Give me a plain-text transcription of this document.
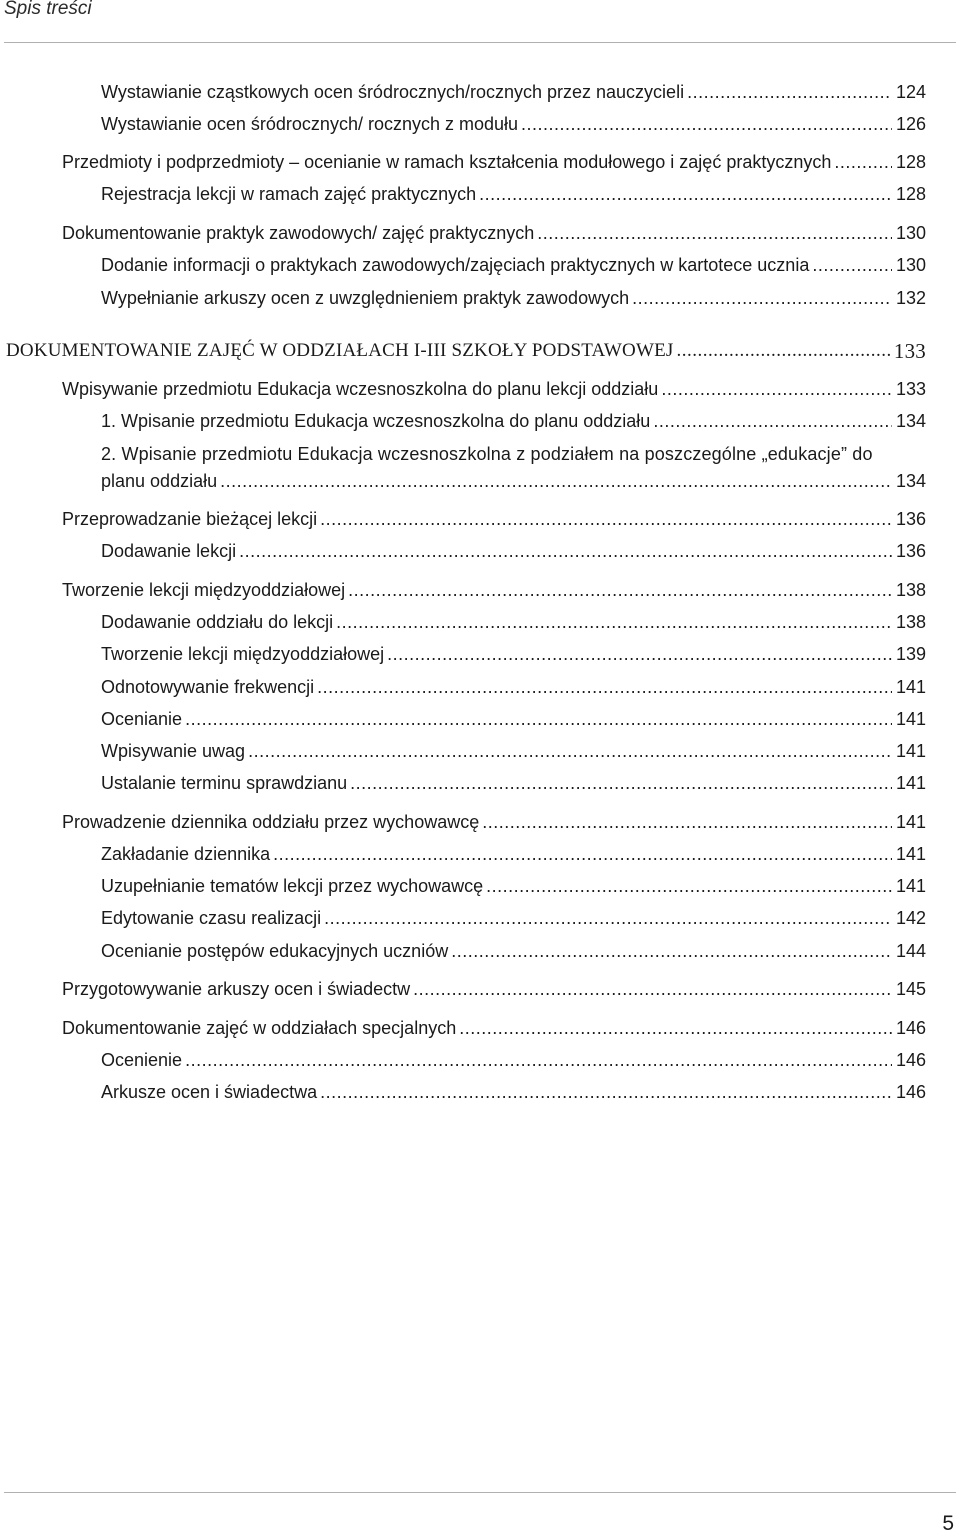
Spis treści
Wystawianie cząstkowych ocen śródrocznych/rocznych przez nauczycieli	124
.....
Wystawianie ocen śródrocznych/ rocznych z modułu	126
.....
Przedmioty i podprzedmioty – ocenianie w ramach kształcenia modułowego i zajęć praktycznych	128
.....
Rejestracja lekcji w ramach zajęć praktycznych	128
.....
Dokumentowanie praktyk zawodowych/ zajęć praktycznych	130
.....
Dodanie informacji o praktykach zawodowych/zajęciach praktycznych w kartotece ucznia	130
.....
Wypełnianie arkuszy ocen z uwzględnieniem praktyk zawodowych	132
.....
DOKUMENTOWANIE ZAJĘĆ W ODDZIAŁACH I-III SZKOŁY PODSTAWOWEJ	133
.....
Wpisywanie przedmiotu Edukacja wczesnoszkolna do planu lekcji oddziału	133
.....
1. Wpisanie przedmiotu Edukacja wczesnoszkolna do planu oddziału	134
.....
2. Wpisanie przedmiotu Edukacja wczesnoszkolna z podziałem na poszczególne „edukacje” do
planu oddziału	134
.....
Przeprowadzanie bieżącej lekcji	136
.....
Dodawanie lekcji	136
.....
Tworzenie lekcji międzyoddziałowej	138
.....
Dodawanie oddziału do lekcji	138
.....
Tworzenie lekcji międzyoddziałowej	139
.....
Odnotowywanie frekwencji	141
.....
Ocenianie	141
.....
Wpisywanie uwag	141
.....
Ustalanie terminu sprawdzianu	141
.....
Prowadzenie dziennika oddziału przez wychowawcę	141
.....
Zakładanie dziennika	141
.....
Uzupełnianie tematów lekcji przez wychowawcę	141
.....
Edytowanie czasu realizacji	142
.....
Ocenianie postępów edukacyjnych uczniów	144
.....
Przygotowywanie arkuszy ocen i świadectw	145
.....
Dokumentowanie zajęć w oddziałach specjalnych	146
.....
Ocenienie	146
.....
Arkusze ocen i świadectwa	146
.....
5
